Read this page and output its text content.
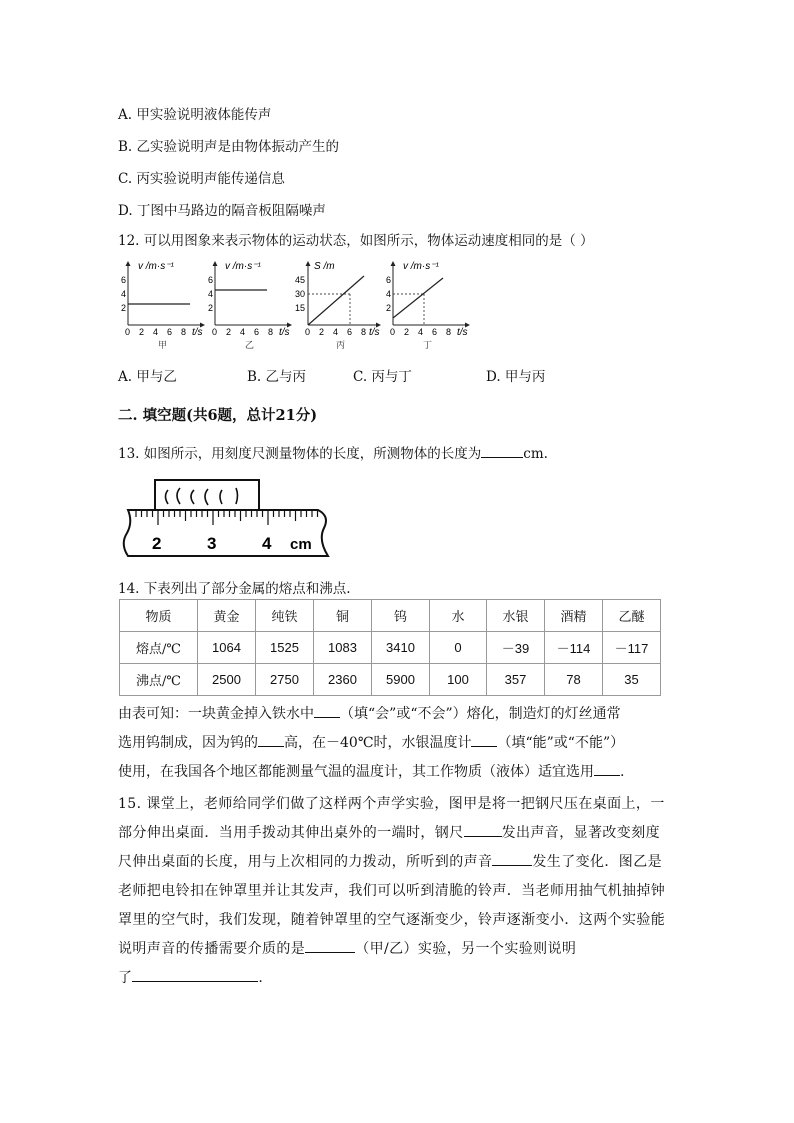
A. 甲实验说明液体能传声
B. 乙实验说明声是由物体振动产生的
C. 丙实验说明声能传递信息
D. 丁图中马路边的隔音板阻隔噪声
12. 可以用图象来表示物体的运动状态，如图所示，物体运动速度相同的是（ ）
v /m·s⁻¹
6
4
2
0 2 4 6 8 t/s
甲
v /m·s⁻¹
6
4
2
0 2 4 6 8 t/s
乙
S /m
45
30
15
0 2 4 6 8 t/s
丙
v /m·s⁻¹
6
4
2
0 2 4 6 8 t/s
丁
A. 甲与乙	B. 乙与丙	C. 丙与丁	D. 甲与丙
二. 填空题(共6题，总计21分)
13. 如图所示，用刻度尺测量物体的长度，所测物体的长度为	cm.
2	3	4 cm
14. 下表列出了部分金属的熔点和沸点.
物质	黄金	纯铁	铜	钨	水	水银	酒精	乙醚
熔点/℃	1064	1525	1083	3410	0	－39	－114	－117
沸点/℃	2500	2750	2360	5900	100	357	78	35
由表可知：一块黄金掉入铁水中 （填“会”或“不会”）熔化，制造灯的灯丝通常
选用钨制成，因为钨的 高，在－40℃时，水银温度计 （填“能”或“不能”）
使用，在我国各个地区都能测量气温的温度计，其工作物质（液体）适宜选用 .
15. 课堂上，老师给同学们做了这样两个声学实验，图甲是将一把钢尺压在桌面上，一
部分伸出桌面．当用手拨动其伸出桌外的一端时，钢尺	发出声音，显著改变刻度
尺伸出桌面的长度，用与上次相同的力拨动，所听到的声音	发生了变化．图乙是
老师把电铃扣在钟罩里并让其发声，我们可以听到清脆的铃声．当老师用抽气机抽掉钟
罩里的空气时，我们发现，随着钟罩里的空气逐渐变少，铃声逐渐变小．这两个实验能
说明声音的传播需要介质的是	（甲/乙）实验，另一个实验则说明
了	.
